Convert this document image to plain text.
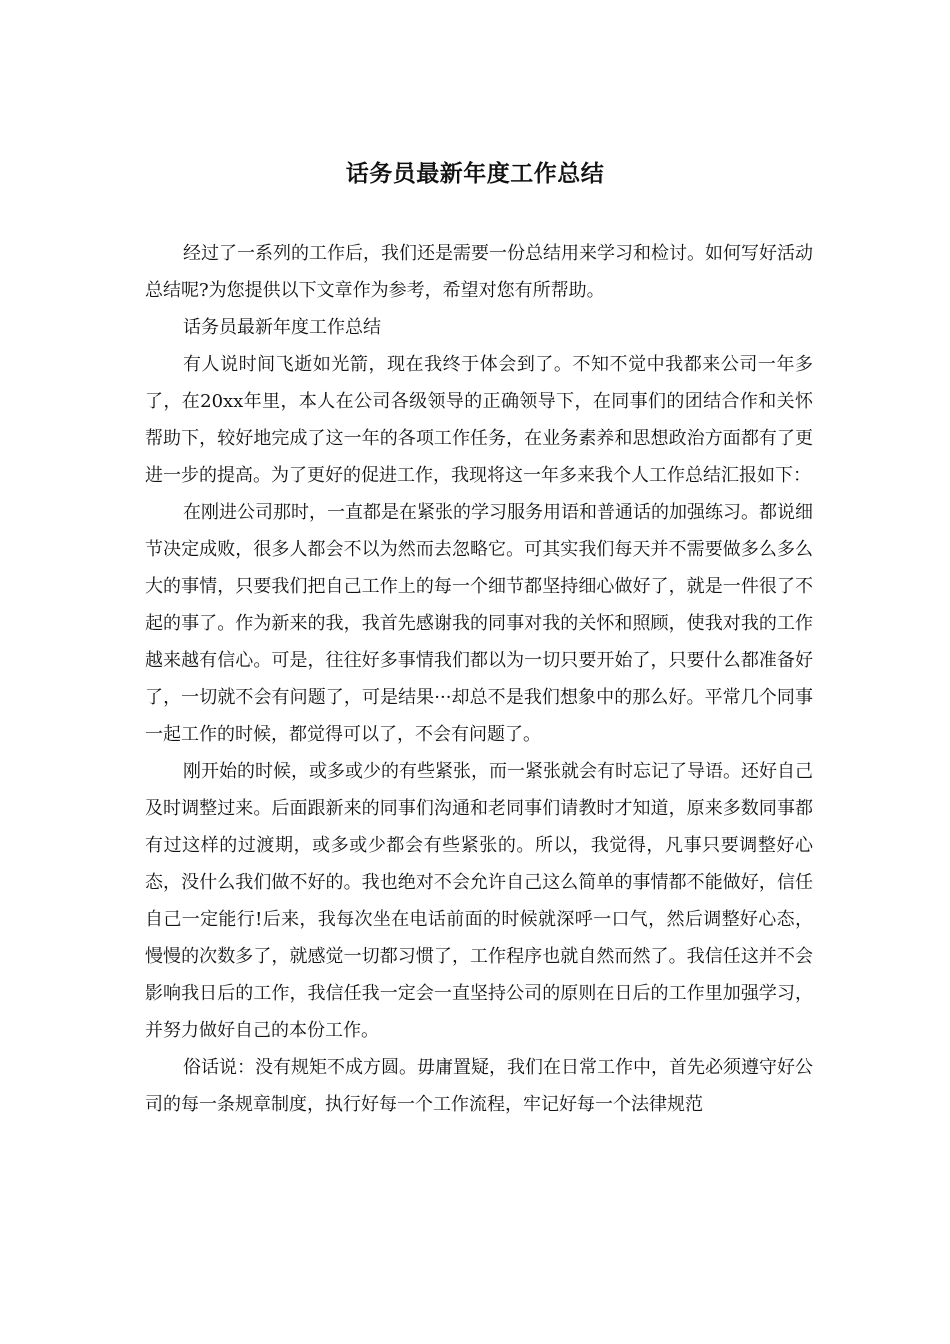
话务员最新年度工作总结

经过了一系列的工作后，我们还是需要一份总结用来学习和检讨。如何写好活动总结呢?为您提供以下文章作为参考，希望对您有所帮助。

话务员最新年度工作总结

有人说时间飞逝如光箭，现在我终于体会到了。不知不觉中我都来公司一年多了，在20xx年里，本人在公司各级领导的正确领导下，在同事们的团结合作和关怀帮助下，较好地完成了这一年的各项工作任务，在业务素养和思想政治方面都有了更进一步的提高。为了更好的促进工作，我现将这一年多来我个人工作总结汇报如下：

在刚进公司那时，一直都是在紧张的学习服务用语和普通话的加强练习。都说细节决定成败，很多人都会不以为然而去忽略它。可其实我们每天并不需要做多么多么大的事情，只要我们把自己工作上的每一个细节都坚持细心做好了，就是一件很了不起的事了。作为新来的我，我首先感谢我的同事对我的关怀和照顾，使我对我的工作越来越有信心。可是，往往好多事情我们都以为一切只要开始了，只要什么都准备好了，一切就不会有问题了，可是结果···却总不是我们想象中的那么好。平常几个同事一起工作的时候，都觉得可以了，不会有问题了。

刚开始的时候，或多或少的有些紧张，而一紧张就会有时忘记了导语。还好自己及时调整过来。后面跟新来的同事们沟通和老同事们请教时才知道，原来多数同事都有过这样的过渡期，或多或少都会有些紧张的。所以，我觉得，凡事只要调整好心态，没什么我们做不好的。我也绝对不会允许自己这么简单的事情都不能做好，信任自己一定能行!后来，我每次坐在电话前面的时候就深呼一口气，然后调整好心态，慢慢的次数多了，就感觉一切都习惯了，工作程序也就自然而然了。我信任这并不会影响我日后的工作，我信任我一定会一直坚持公司的原则在日后的工作里加强学习，并努力做好自己的本份工作。

俗话说：没有规矩不成方圆。毋庸置疑，我们在日常工作中，首先必须遵守好公司的每一条规章制度，执行好每一个工作流程，牢记好每一个法律规范
